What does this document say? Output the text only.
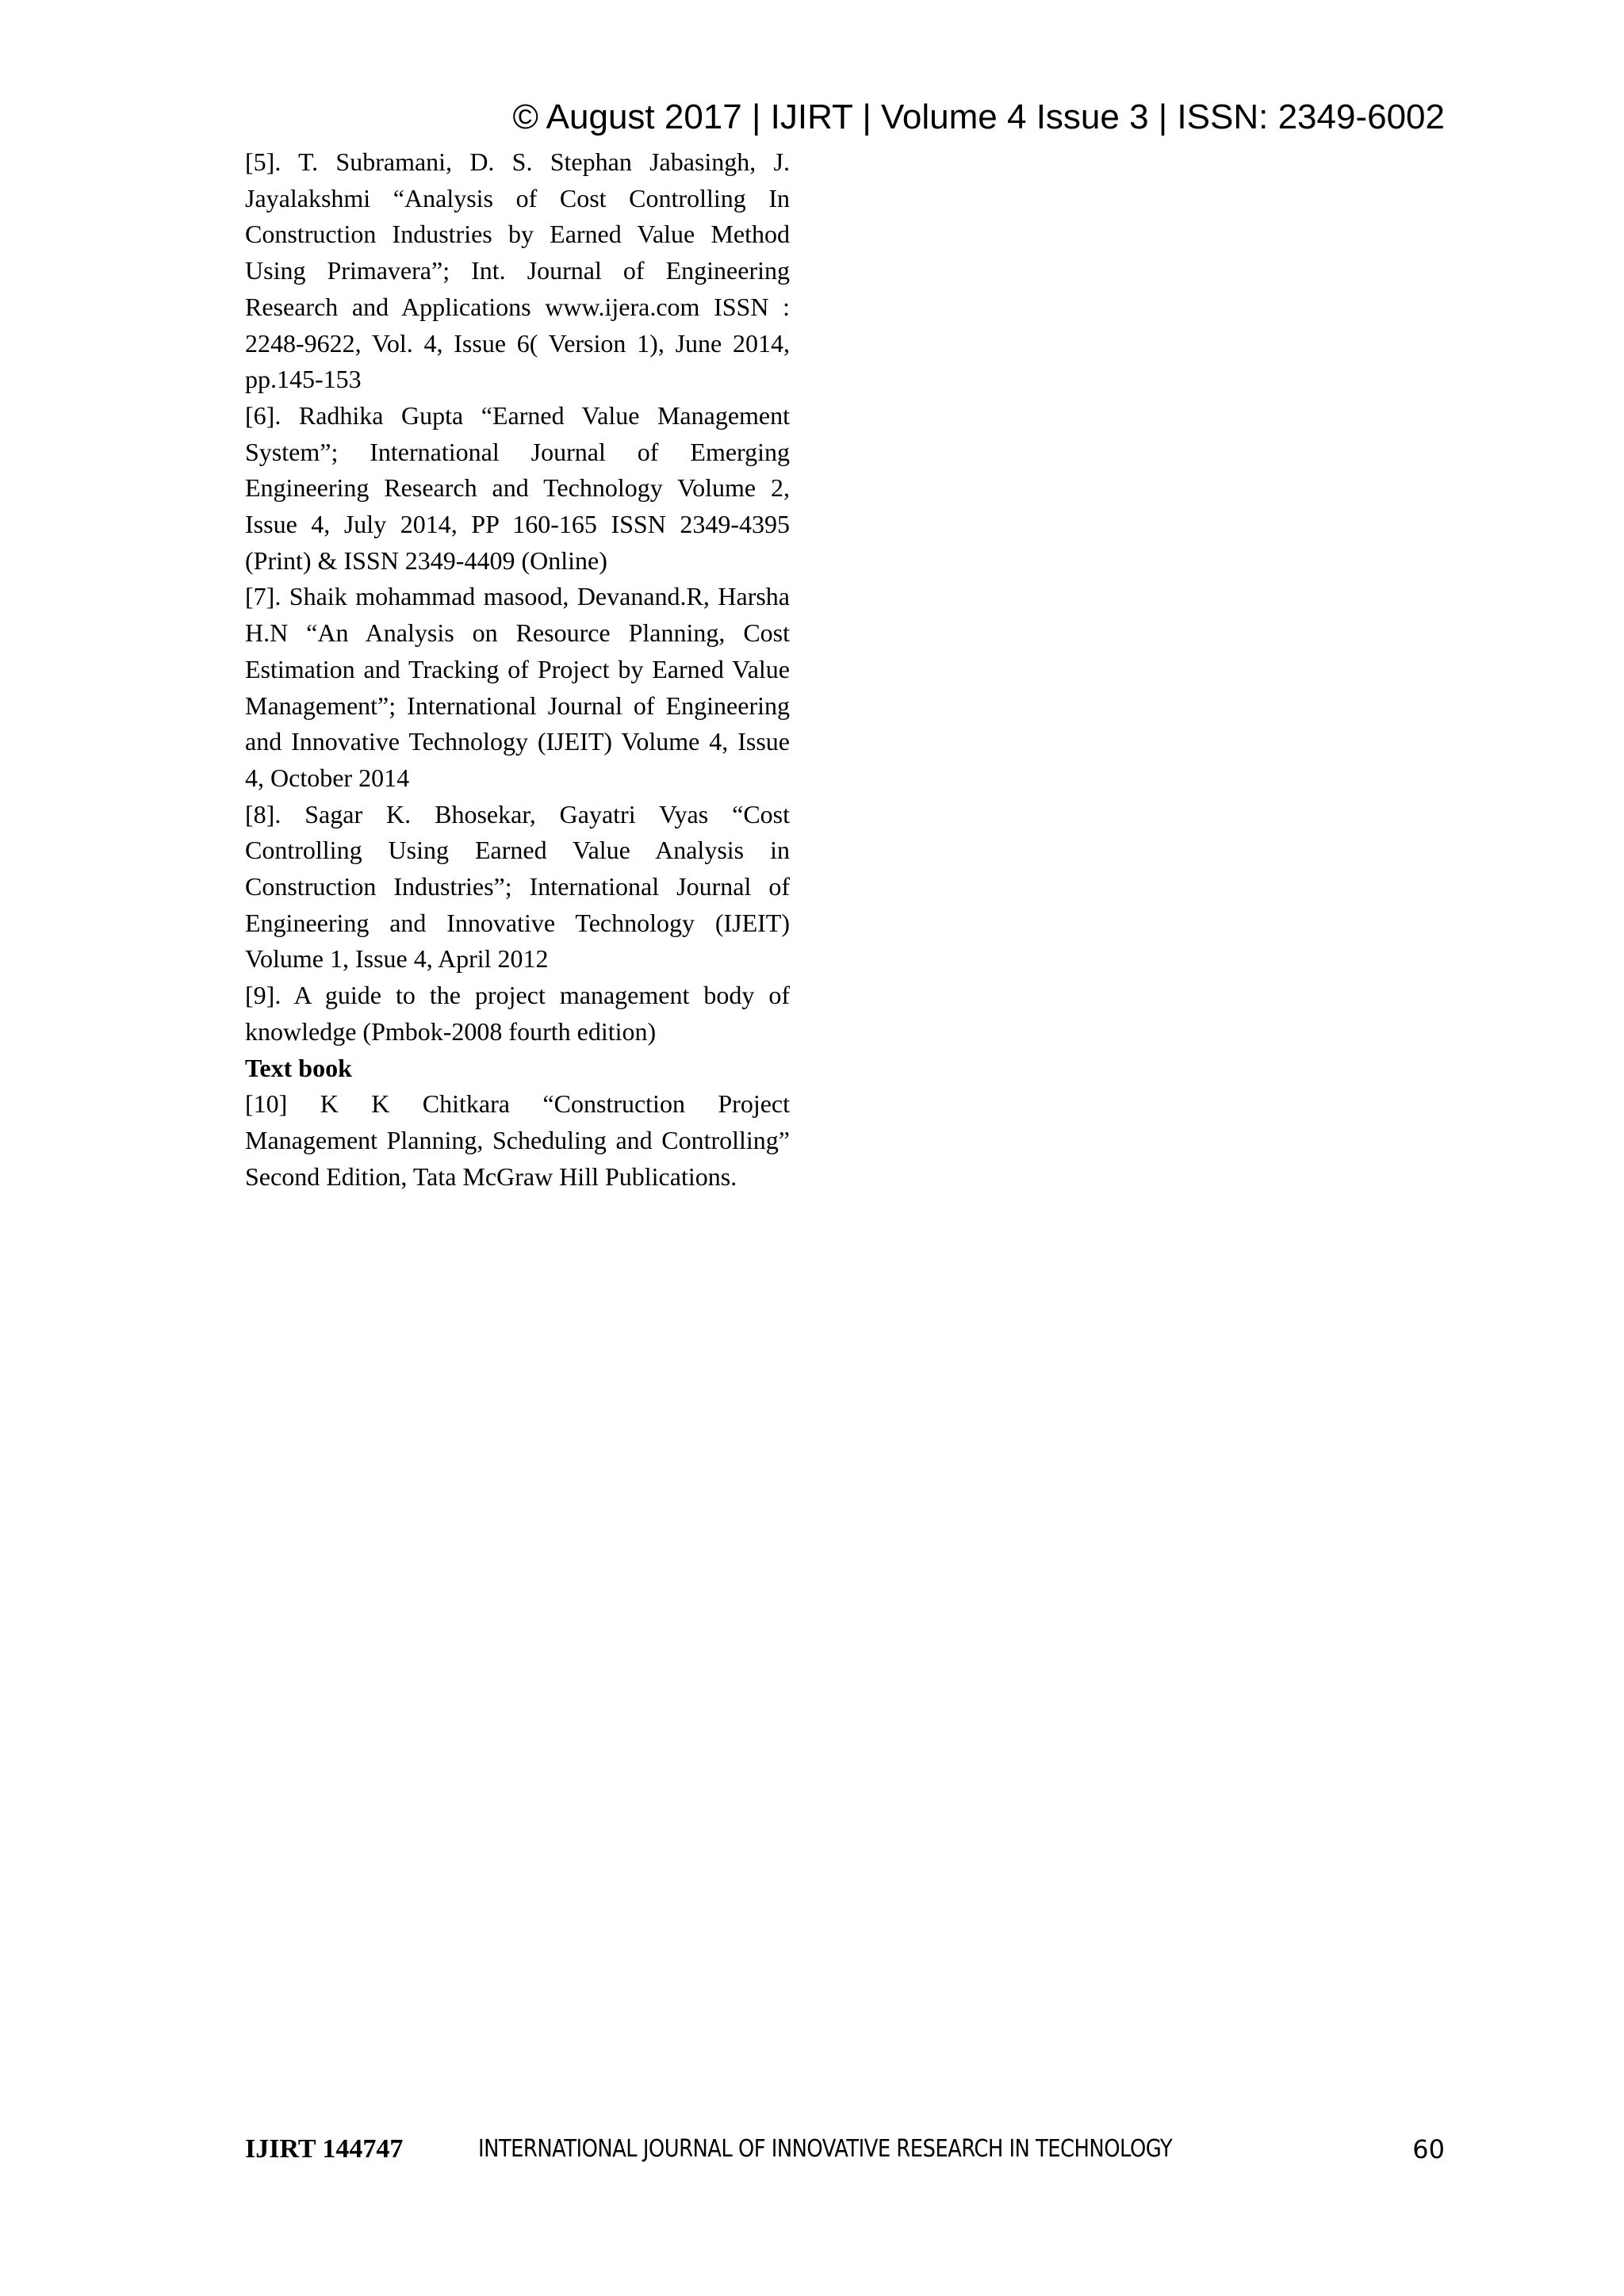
© August 2017 | IJIRT | Volume 4 Issue 3 | ISSN: 2349-6002

[5]. T. Subramani, D. S. Stephan Jabasingh, J. Jayalakshmi “Analysis of Cost Controlling In Construction Industries by Earned Value Method Using Primavera”; Int. Journal of Engineering Research and Applications www.ijera.com ISSN : 2248-9622, Vol. 4, Issue 6( Version 1), June 2014, pp.145-153

[6]. Radhika Gupta “Earned Value Management System”; International Journal of Emerging Engineering Research and Technology Volume 2, Issue 4, July 2014, PP 160-165 ISSN 2349-4395 (Print) & ISSN 2349-4409 (Online)

[7]. Shaik mohammad masood, Devanand.R, Harsha H.N “An Analysis on Resource Planning, Cost Estimation and Tracking of Project by Earned Value Management”; International Journal of Engineering and Innovative Technology (IJEIT) Volume 4, Issue 4, October 2014

[8]. Sagar K. Bhosekar, Gayatri Vyas “Cost Controlling Using Earned Value Analysis in Construction Industries”; International Journal of Engineering and Innovative Technology (IJEIT) Volume 1, Issue 4, April 2012

[9]. A guide to the project management body of knowledge (Pmbok-2008 fourth edition)

Text book

[10] K K Chitkara “Construction Project Management Planning, Scheduling and Controlling” Second Edition, Tata McGraw Hill Publications.

IJIRT 144747	INTERNATIONAL JOURNAL OF INNOVATIVE RESEARCH IN TECHNOLOGY	60
